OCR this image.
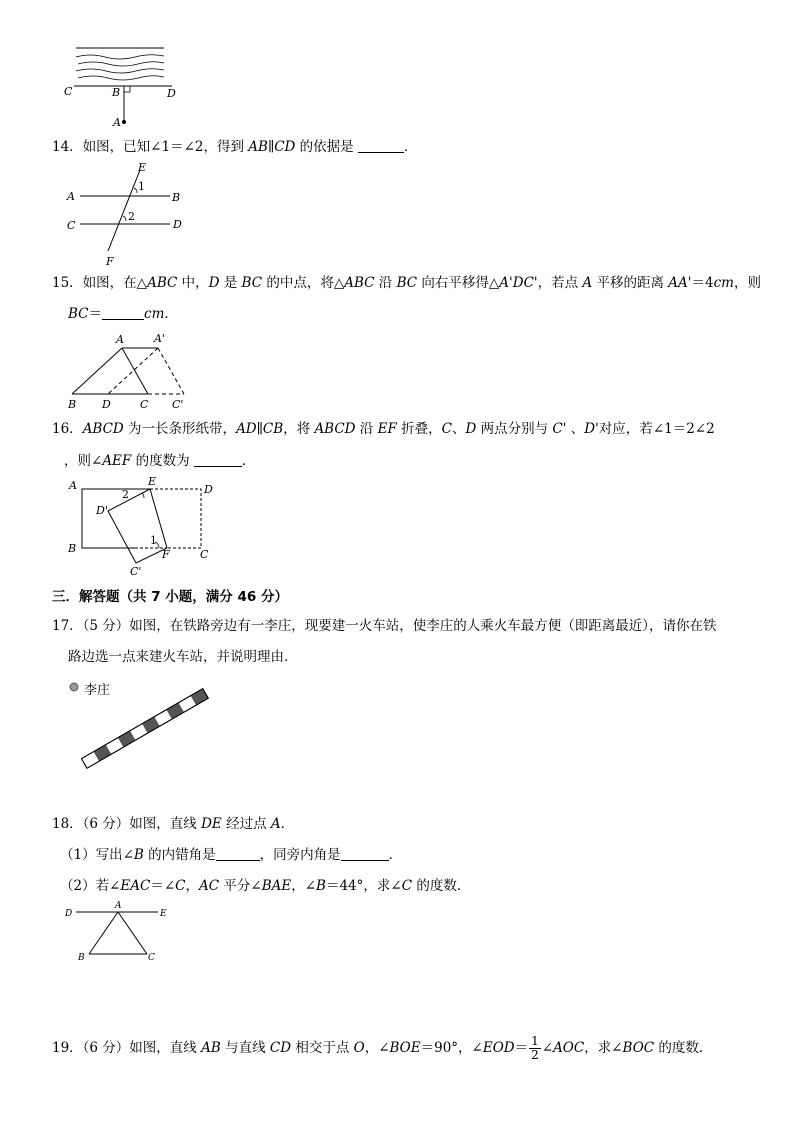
C	B	D
A
14．如图，已知∠1＝∠2，得到 AB∥CD 的依据是	．
E
A	B
C	D
F
1
2
15．如图，在△ABC 中，D 是 BC 的中点，将△ABC 沿 BC 向右平移得△A'DC'，若点 A 平移的距离 AA'＝4cm，则
BC＝	cm．
A	A'
B D	C C'
16．ABCD 为一长条形纸带，AD∥CB，将 ABCD 沿 EF 折叠，C、D 两点分别与 C' 、D'对应，若∠1＝2∠2
，则∠AEF 的度数为	．
A	E
D
2
D'
B
1
F	C
C'
三．解答题（共 7 小题，满分 46 分）
17．（5 分）如图，在铁路旁边有一李庄，现要建一火车站，使李庄的人乘火车最方便（即距离最近），请你在铁
路边选一点来建火车站，并说明理由．
李庄
18．（6 分）如图，直线 DE 经过点 A．
（1）写出∠B 的内错角是	，同旁内角是	．
（2）若∠EAC＝∠C，AC 平分∠BAE，∠B＝44°，求∠C 的度数．
D
A
E
B	C
19．（6 分）如图，直线 AB 与直线 CD 相交于点 O，∠BOE＝90°，∠EOD＝ $\frac{1}{2}$ ∠AOC，求∠BOC 的度数．
